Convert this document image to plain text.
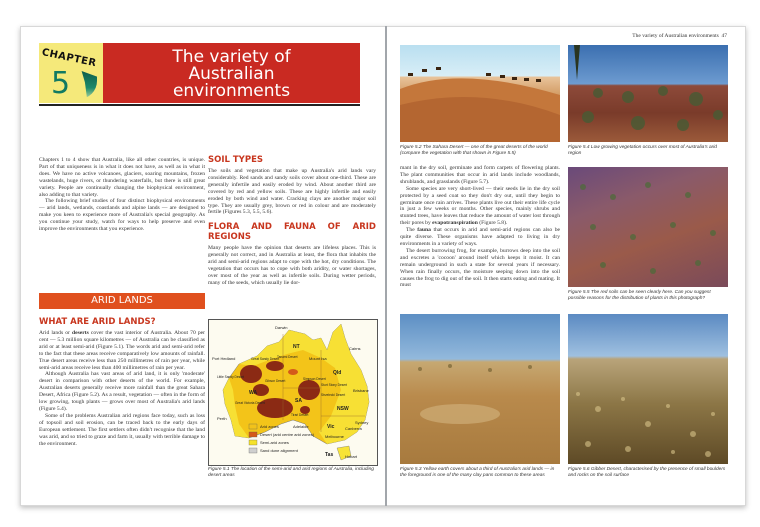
CHAPTER
5
The variety of
Australian
environments

Chapters 1 to 4 show that Australia, like all other countries, is unique. Part of that uniqueness is in what it does not have, as well as in what it does. We have no active volcanoes, glaciers, soaring mountains, frozen wastelands, huge rivers, or thundering waterfalls, but there is still great variety. People are continually changing the biophysical environment, also adding to that variety.

The following brief studies of four distinct biophysical environments — arid lands, wetlands, coastlands and alpine lands — are designed to make you keen to experience more of Australia's special geography. As you continue your study, watch for ways to help preserve and even improve the environments that you experience.

ARID LANDS
WHAT ARE ARID LANDS?

Arid lands or deserts cover the vast interior of Australia. About 70 per cent — 5.3 million square kilometres — of Australia can be classified as arid or at least semi-arid (Figure 5.1). The words arid and semi-arid refer to the fact that these areas receive comparatively low amounts of rainfall. True desert areas receive less than 250 millimetres of rain per year, while semi-arid areas receive less than 400 millimetres of rain per year.

Although Australia has vast areas of arid land, it is only 'moderate' desert in comparison with other deserts of the world. For example, Australian deserts generally receive more rainfall than the great Sahara Desert, Africa (Figure 5.2). As a result, vegetation — often in the form of low growing, tough plants — grows over most of Australia's arid lands (Figure 5.4).

Some of the problems Australian arid regions face today, such as loss of topsoil and soil erosion, can be traced back to the early days of European settlement. The first settlers often didn't recognise that the land was arid, and so tried to graze and farm it, usually with terrible damage to the environment.

SOIL TYPES

The soils and vegetation that make up Australia's arid lands vary considerably. Red sands and sandy soils cover about one-third. These are generally infertile and easily eroded by wind. About another third are covered by red and yellow soils. These are highly infertile and easily eroded by both wind and water. Cracking clays are another major soil type. They are usually grey, brown or red in colour and are moderately fertile (Figures 5.3, 5.5, 5.6).

FLORA AND FAUNA OF ARID REGIONS

Many people have the opinion that deserts are lifeless places. This is generally not correct, and in Australia at least, the flora that inhabits the arid and semi-arid regions adapt to cope with the hot, dry conditions. The vegetation that occurs has to cope with both aridity, or water shortages, over most of the year as well as infertile soils. During wetter periods, many of the seeds, which usually lie dor-

Darwin
Cairns
NT
Qld
WA
SA
NSW
Vic
Tas
Port Hedland	Mount Isa
Brisbane
Perth
Adelaide
Sydney
Canberra
Melbourne
Hobart
Great Sandy Desert
Tanami Desert
Gibson Desert
Great Victoria Desert
Simpson Desert
Little Sandy Desert
Sturt Stony Desert
Strzelecki Desert
Tirari Desert
Arid zones
Desert (arid centre arid zones)
Semi-arid zones
Sand dune alignment
Figure 5.1 The location of the semi-arid and arid regions of Australia, including desert areas
The variety of Australian environments 47
Figure 5.2 The Sahara Desert — one of the great deserts of the world (compare the vegetation with that shown in Figure 5.5)

mant in the dry soil, germinate and form carpets of flowering plants. The plant communities that occur in arid lands include woodlands, shrublands, and grasslands (Figure 5.7).

Some species are very short-lived — their seeds lie in the dry soil protected by a seed coat so they don't dry out, until they begin to germinate once rain arrives. These plants live out their entire life cycle in just a few weeks or months. Other species, mainly shrubs and stunted trees, have leaves that reduce the amount of water lost through their pores by evapotranspiration (Figure 5.8).

The fauna that occurs in arid and semi-arid regions can also be quite diverse. These organisms have adapted to living in dry environments in a variety of ways.

The desert burrowing frog, for example, burrows deep into the soil and excretes a 'cocoon' around itself which keeps it moist. It can remain underground in such a state for several years if necessary. When rain finally occurs, the moisture seeping down into the soil causes the frog to dig out of the soil. It then starts eating and mating. It must

Figure 5.3 Yellow earth covers about a third of Australia's arid lands — in the foreground is one of the many clay pans common to these areas
Figure 5.4 Low growing vegetation occurs over most of Australia's arid region
Figure 5.5 The red soils can be seen clearly here. Can you suggest possible reasons for the distribution of plants in this photograph?
Figure 5.6 Gibber Desert, characterised by the presence of small boulders and rocks on the soil surface
